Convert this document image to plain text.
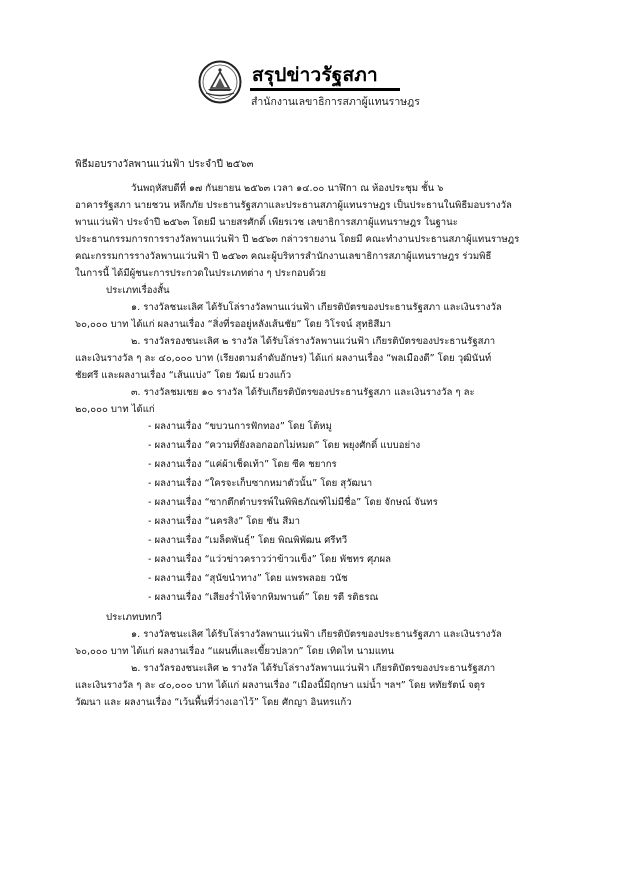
สรุปข่าวรัฐสภา
สำนักงานเลขาธิการสภาผู้แทนราษฎร
พิธีมอบรางวัลพานแว่นฟ้า ประจำปี ๒๕๖๓
วันพฤหัสบดีที่ ๑๗ กันยายน ๒๕๖๓ เวลา ๑๔.๐๐ นาฬิกา ณ ห้องประชุม ชั้น ๖
อาคารรัฐสภา นายชวน หลีกภัย ประธานรัฐสภาและประธานสภาผู้แทนราษฎร เป็นประธานในพิธีมอบรางวัล
พานแว่นฟ้า ประจำปี ๒๕๖๓ โดยมี นายสรศักดิ์ เพียรเวช เลขาธิการสภาผู้แทนราษฎร ในฐานะ
ประธานกรรมการการรางวัลพานแว่นฟ้า ปี ๒๕๖๓ กล่าวรายงาน โดยมี คณะทำงานประธานสภาผู้แทนราษฎร
คณะกรรมการรางวัลพานแว่นฟ้า ปี ๒๕๖๓ คณะผู้บริหารสำนักงานเลขาธิการสภาผู้แทนราษฎร ร่วมพิธี
ในการนี้ ได้มีผู้ชนะการประกวดในประเภทต่าง ๆ ประกอบด้วย
ประเภทเรื่องสั้น
๑. รางวัลชนะเลิศ ได้รับโล่รางวัลพานแว่นฟ้า เกียรติบัตรของประธานรัฐสภา และเงินรางวัล
๖๐,๐๐๐ บาท ได้แก่ ผลงานเรื่อง “สิ่งที่รออยู่หลังเส้นชัย” โดย วิโรจน์ สุทธิสีมา
๒. รางวัลรองชนะเลิศ ๒ รางวัล ได้รับโล่รางวัลพานแว่นฟ้า เกียรติบัตรของประธานรัฐสภา
และเงินรางวัล ๆ ละ ๔๐,๐๐๐ บาท (เรียงตามลำดับอักษร) ได้แก่ ผลงานเรื่อง “พลเมืองดี” โดย วุฒินันท์
ชัยศรี และผลงานเรื่อง “เส้นแบ่ง” โดย วัฒน์ ยวงแก้ว
๓. รางวัลชมเชย ๑๐ รางวัล ได้รับเกียรติบัตรของประธานรัฐสภา และเงินรางวัล ๆ ละ
๒๐,๐๐๐ บาท ได้แก่
- ผลงานเรื่อง “ขบวนการฟักทอง” โดย โต้หมู
- ผลงานเรื่อง “ความที่ยังลอกออกไม่หมด” โดย พยุงศักดิ์ แบบอย่าง
- ผลงานเรื่อง “แค่ผ้าเช็ดเท้า” โดย ซีค ชยากร
- ผลงานเรื่อง “ใครจะเก็บซากหมาตัวนั้น” โดย สุวัฒนา
- ผลงานเรื่อง “ซากตึกตำบรรพ์ในพิพิธภัณฑ์ไม่มีชื่อ” โดย จักษณ์ จันทร
- ผลงานเรื่อง “นครสิง” โดย ชัน สีมา
- ผลงานเรื่อง “เมล็ดพันธุ์” โดย พิณพิพัฒน ศรีทวี
- ผลงานเรื่อง “แว่วข่าวคราวว่าข้าวแข็ง” โดย พัชทร ศุภผล
- ผลงานเรื่อง “สุนัขนำทาง” โดย แพรพลอย วนัช
- ผลงานเรื่อง “เสียงร่ำไห้จากหิมพานต์” โดย รตี รติธรณ
ประเภทบทกวี
๑. รางวัลชนะเลิศ ได้รับโล่รางวัลพานแว่นฟ้า เกียรติบัตรของประธานรัฐสภา และเงินรางวัล
๖๐,๐๐๐ บาท ได้แก่ ผลงานเรื่อง “แผนที่และเขี้ยวปลวก” โดย เทิดไท นามแทน
๒. รางวัลรองชนะเลิศ ๒ รางวัล ได้รับโล่รางวัลพานแว่นฟ้า เกียรติบัตรของประธานรัฐสภา
และเงินรางวัล ๆ ละ ๔๐,๐๐๐ บาท ได้แก่ ผลงานเรื่อง “เมืองนี้มีฤกษา แม่น้ำ ฯลฯ” โดย หทัยรัตน์ จตุร
วัฒนา และ ผลงานเรื่อง “เว้นพื้นที่ว่างเอาไว้” โดย ศักญา อินทรแก้ว
